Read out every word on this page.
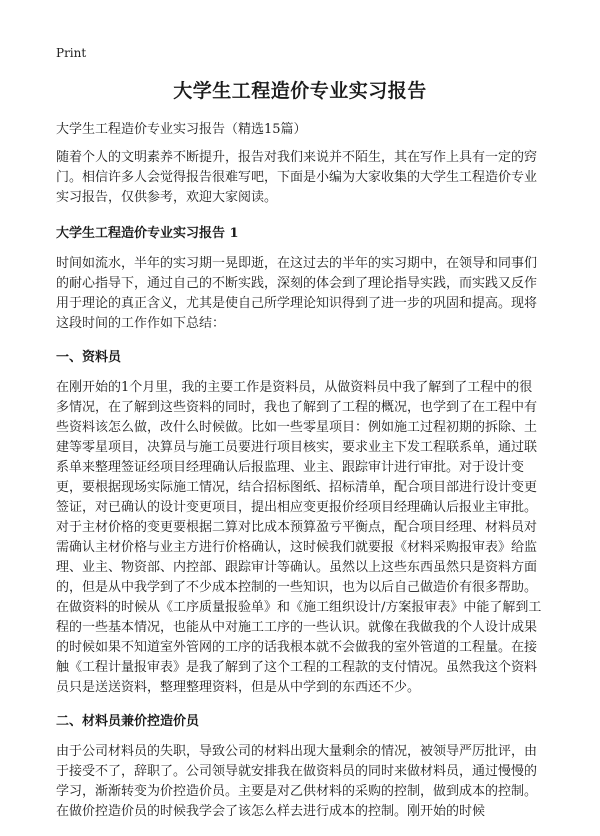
Print
大学生工程造价专业实习报告

大学生工程造价专业实习报告（精选15篇）

随着个人的文明素养不断提升，报告对我们来说并不陌生，其在写作上具有一定的窍门。相信许多人会觉得报告很难写吧，下面是小编为大家收集的大学生工程造价专业实习报告，仅供参考，欢迎大家阅读。

大学生工程造价专业实习报告 1

时间如流水，半年的实习期一晃即逝，在这过去的半年的实习期中，在领导和同事们的耐心指导下，通过自己的不断实践，深刻的体会到了理论指导实践，而实践又反作用于理论的真正含义，尤其是使自己所学理论知识得到了进一步的巩固和提高。现将这段时间的工作作如下总结：

一、资料员

在刚开始的1个月里，我的主要工作是资料员，从做资料员中我了解到了工程中的很多情况，在了解到这些资料的同时，我也了解到了工程的概况，也学到了在工程中有些资料该怎么做，改什么时候做。比如一些零星项目：例如施工过程初期的拆除、土建等零星项目，决算员与施工员要进行项目核实，要求业主下发工程联系单，通过联系单来整理签证经项目经理确认后报监理、业主、跟踪审计进行审批。对于设计变更，要根据现场实际施工情况，结合招标图纸、招标清单，配合项目部进行设计变更签证，对已确认的设计变更项目，提出相应变更报价经项目经理确认后报业主审批。对于主材价格的变更要根据二算对比成本预算盈亏平衡点，配合项目经理、材料员对需确认主材价格与业主方进行价格确认，这时候我们就要报《材料采购报审表》给监理、业主、物资部、内控部、跟踪审计等确认。虽然以上这些东西虽然只是资料方面的，但是从中我学到了不少成本控制的一些知识，也为以后自己做造价有很多帮助。在做资料的时候从《工序质量报验单》和《施工组织设计/方案报审表》中能了解到工程的一些基本情况，也能从中对施工工序的一些认识。就像在我做我的个人设计成果的时候如果不知道室外管网的工序的话我根本就不会做我的室外管道的工程量。在接触《工程计量报审表》是我了解到了这个工程的工程款的支付情况。虽然我这个资料员只是送送资料，整理整理资料，但是从中学到的东西还不少。

二、材料员兼价控造价员

由于公司材料员的失职，导致公司的材料出现大量剩余的情况，被领导严厉批评，由于接受不了，辞职了。公司领导就安排我在做资料员的同时来做材料员，通过慢慢的学习，渐渐转变为价控造价员。主要是对乙供材料的采购的控制，做到成本的控制。在做价控造价员的时候我学会了该怎么样去进行成本的控制。刚开始的时候
